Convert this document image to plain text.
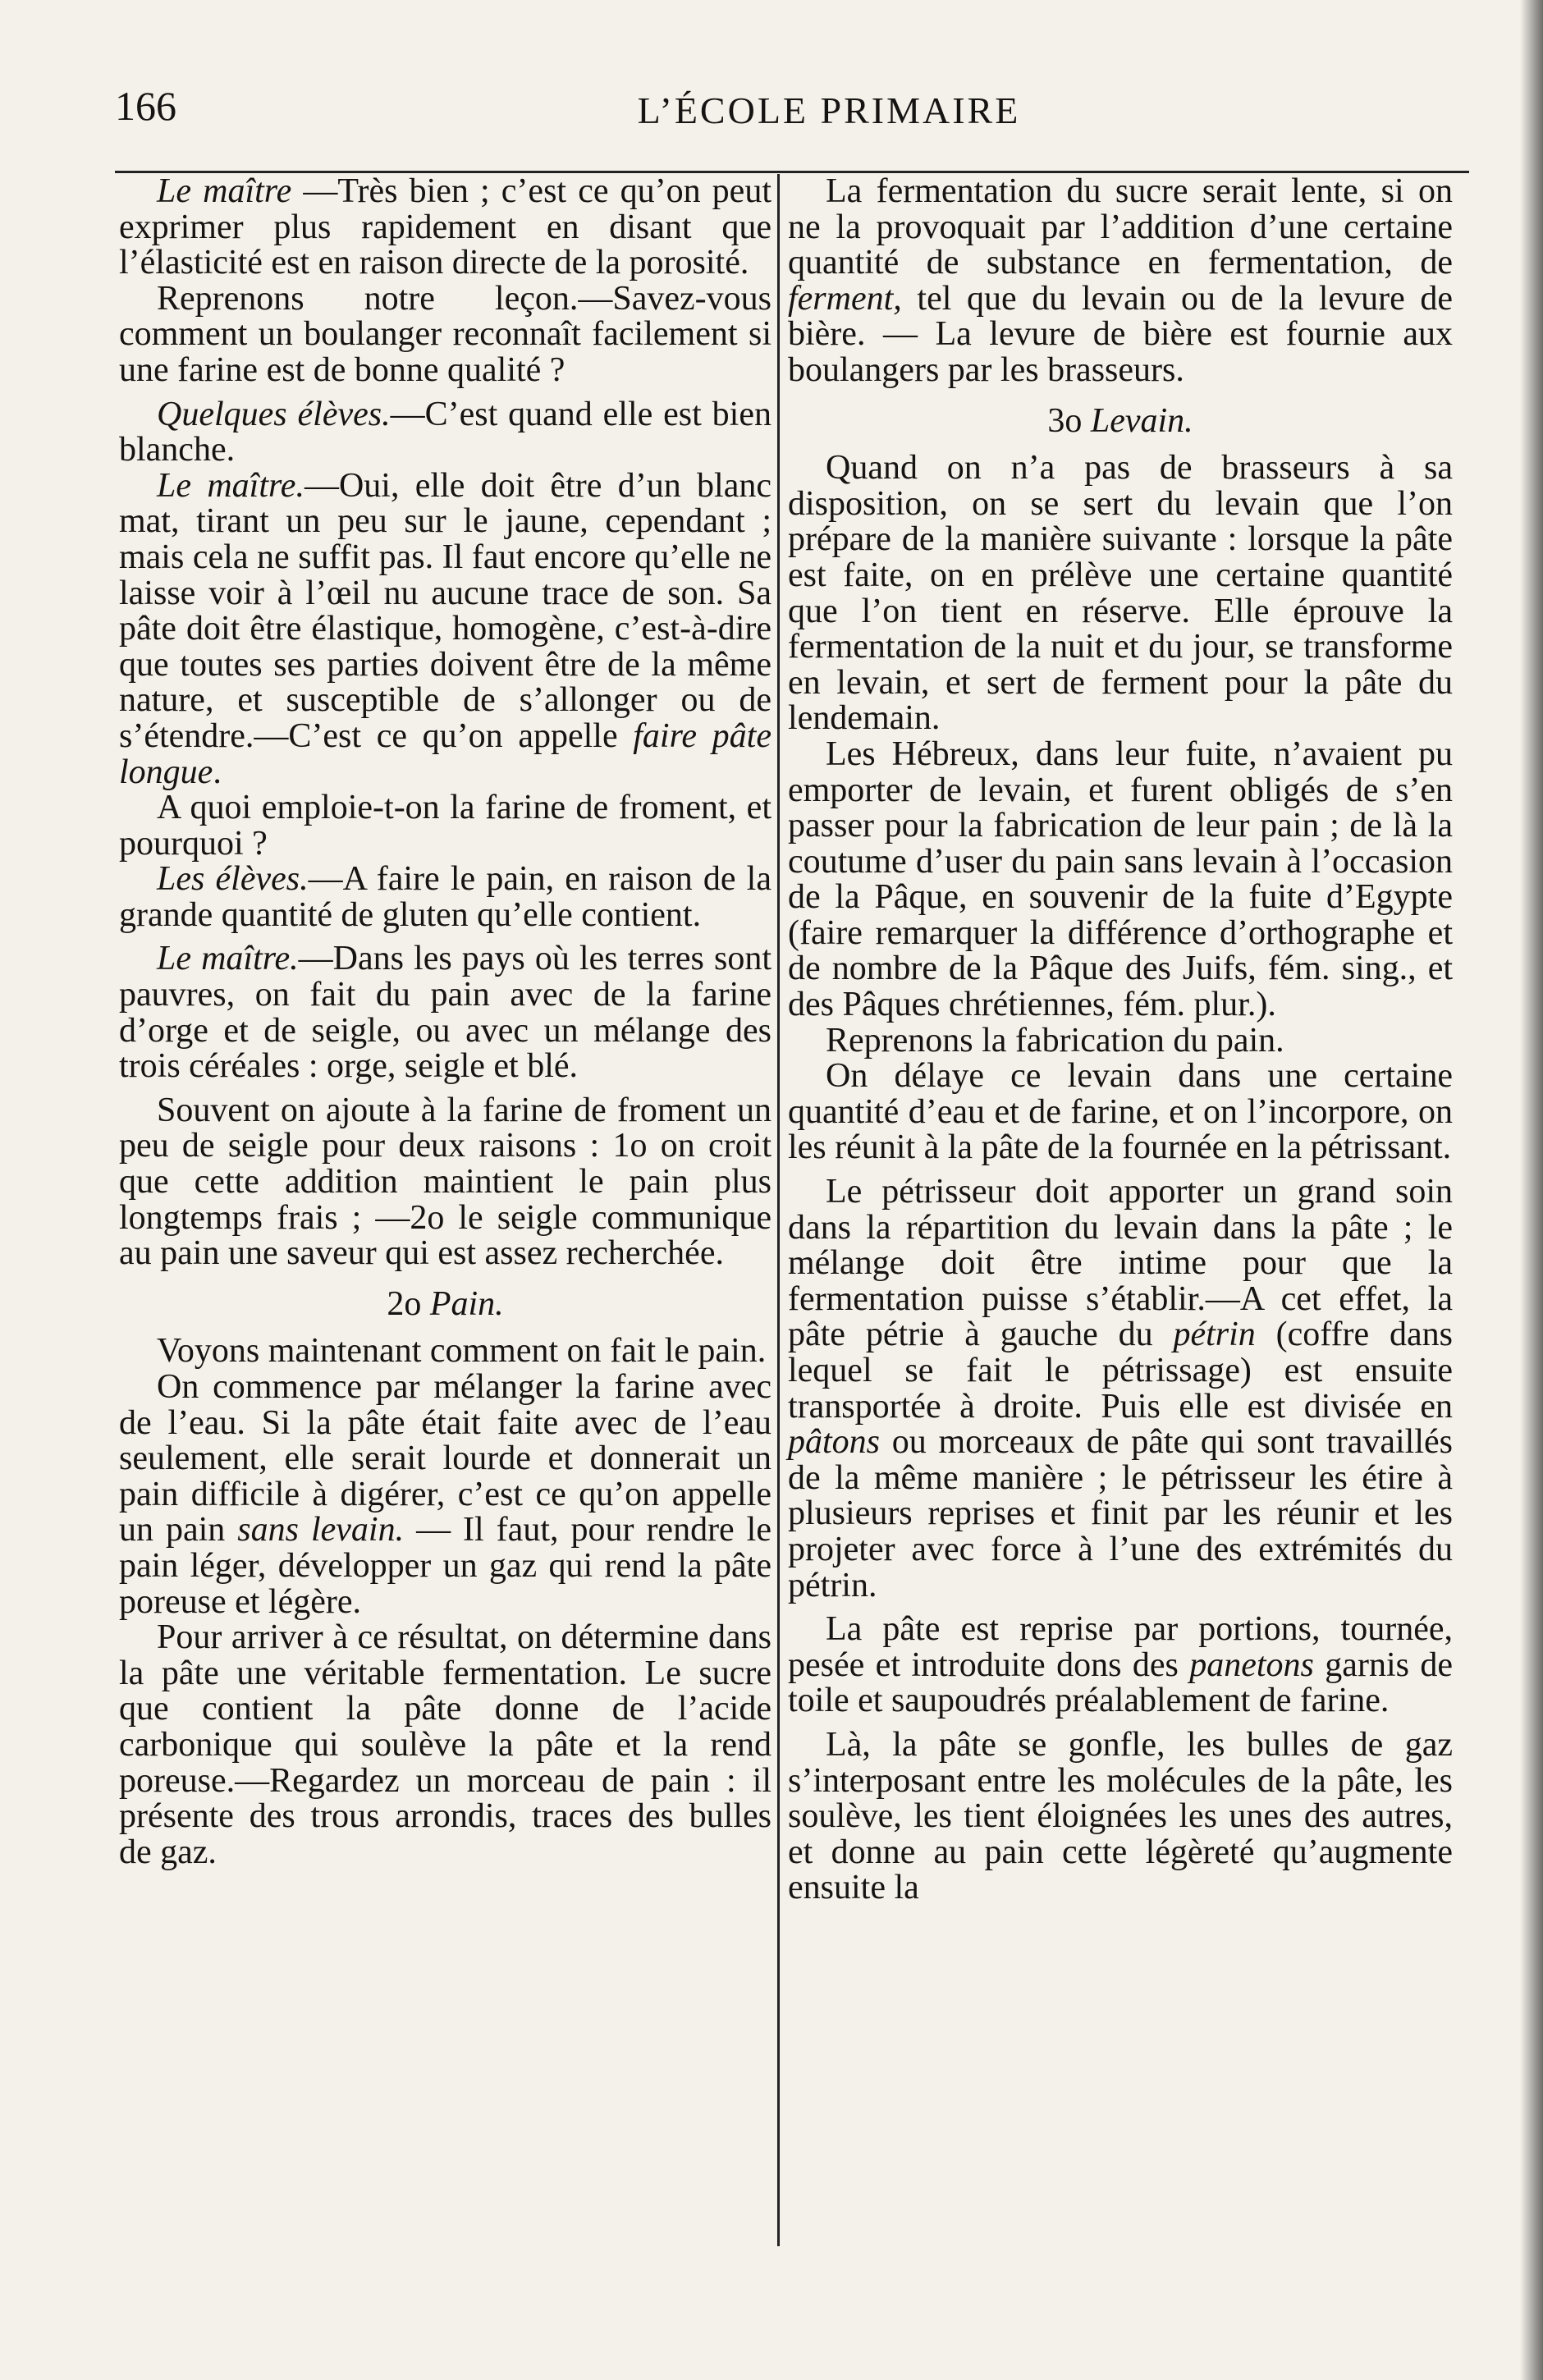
166	L’ÉCOLE PRIMAIRE

Le maître —Très bien ; c’est ce qu’on peut exprimer plus rapidement en disant que l’élasticité est en raison directe de la porosité.

Reprenons notre leçon.—Savez-vous comment un boulanger reconnaît facilement si une farine est de bonne qualité ?

Quelques élèves.—C’est quand elle est bien blanche.

Le maître.—Oui, elle doit être d’un blanc mat, tirant un peu sur le jaune, cependant ; mais cela ne suffit pas. Il faut encore qu’elle ne laisse voir à l’œil nu aucune trace de son. Sa pâte doit être élastique, homogène, c’est-à-dire que toutes ses parties doivent être de la même nature, et susceptible de s’allonger ou de s’étendre.—C’est ce qu’on appelle faire pâte longue.

A quoi emploie-t-on la farine de froment, et pourquoi ?

Les élèves.—A faire le pain, en raison de la grande quantité de gluten qu’elle contient.

Le maître.—Dans les pays où les terres sont pauvres, on fait du pain avec de la farine d’orge et de seigle, ou avec un mélange des trois céréales : orge, seigle et blé.

Souvent on ajoute à la farine de froment un peu de seigle pour deux raisons : 1o on croit que cette addition maintient le pain plus longtemps frais ; —2o le seigle communique au pain une saveur qui est assez recherchée.

2o Pain.

Voyons maintenant comment on fait le pain.

On commence par mélanger la farine avec de l’eau. Si la pâte était faite avec de l’eau seulement, elle serait lourde et donnerait un pain difficile à digérer, c’est ce qu’on appelle un pain sans levain. — Il faut, pour rendre le pain léger, développer un gaz qui rend la pâte poreuse et légère.

Pour arriver à ce résultat, on détermine dans la pâte une véritable fermentation. Le sucre que contient la pâte donne de l’acide carbonique qui soulève la pâte et la rend poreuse.—Regardez un morceau de pain : il présente des trous arrondis, traces des bulles de gaz.

La fermentation du sucre serait lente, si on ne la provoquait par l’addition d’une certaine quantité de substance en fermentation, de ferment, tel que du levain ou de la levure de bière. — La levure de bière est fournie aux boulangers par les brasseurs.

3o Levain.

Quand on n’a pas de brasseurs à sa disposition, on se sert du levain que l’on prépare de la manière suivante : lorsque la pâte est faite, on en prélève une certaine quantité que l’on tient en réserve. Elle éprouve la fermentation de la nuit et du jour, se transforme en levain, et sert de ferment pour la pâte du lendemain.

Les Hébreux, dans leur fuite, n’avaient pu emporter de levain, et furent obligés de s’en passer pour la fabrication de leur pain ; de là la coutume d’user du pain sans levain à l’occasion de la Pâque, en souvenir de la fuite d’Egypte (faire remarquer la différence d’orthographe et de nombre de la Pâque des Juifs, fém. sing., et des Pâques chrétiennes, fém. plur.).

Reprenons la fabrication du pain.

On délaye ce levain dans une certaine quantité d’eau et de farine, et on l’incorpore, on les réunit à la pâte de la fournée en la pétrissant.

Le pétrisseur doit apporter un grand soin dans la répartition du levain dans la pâte ; le mélange doit être intime pour que la fermentation puisse s’établir.—A cet effet, la pâte pétrie à gauche du pétrin (coffre dans lequel se fait le pétrissage) est ensuite transportée à droite. Puis elle est divisée en pâtons ou morceaux de pâte qui sont travaillés de la même manière ; le pétrisseur les étire à plusieurs reprises et finit par les réunir et les projeter avec force à l’une des extrémités du pétrin.

La pâte est reprise par portions, tournée, pesée et introduite dons des panetons garnis de toile et saupoudrés préalablement de farine.

Là, la pâte se gonfle, les bulles de gaz s’interposant entre les molécules de la pâte, les soulève, les tient éloignées les unes des autres, et donne au pain cette légèreté qu’augmente ensuite la
